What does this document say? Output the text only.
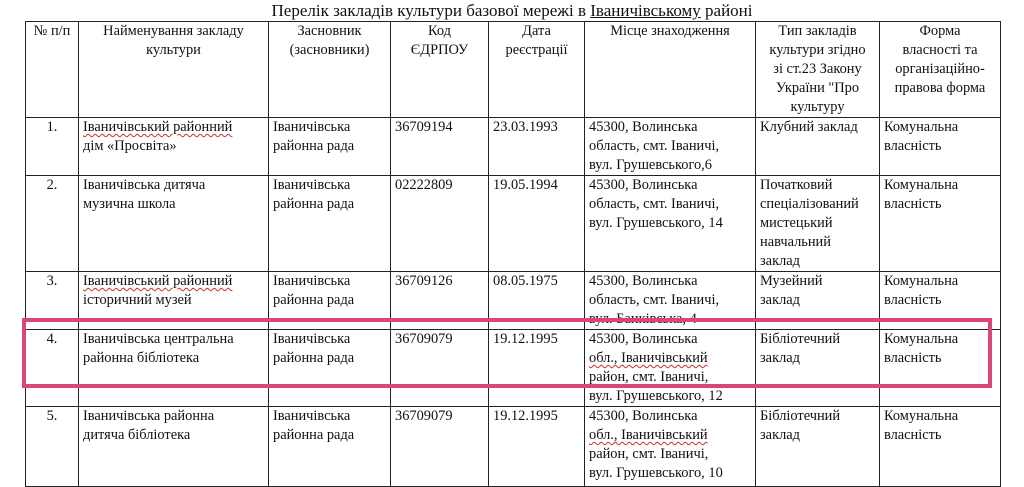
Перелік закладів культури базової мережі в Іваничівському районі
№ п/п	Найменування закладу
культури	Засновник
(засновники)	Код
ЄДРПОУ	Дата
реєстрації	Місце знаходження	Тип закладів
культури згідно
зі ст.23 Закону
України "Про
культуру	Форма
власності та
організаційно-
правова форма

1.	Іваничівський районний
дім «Просвіта»	Іваничівська
районна рада	36709194	23.03.1993	45300, Волинська
область, смт. Іваничі,
вул. Грушевського,6	Клубний заклад	Комунальна
власність

2.	Іваничівська дитяча
музична школа	Іваничівська
районна рада	02222809	19.05.1994	45300, Волинська
область, смт. Іваничі,
вул. Грушевського, 14	Початковий
спеціалізований
мистецький
навчальний
заклад	Комунальна
власність

3.	Іваничівський районний
історичний музей	Іваничівська
районна рада	36709126	08.05.1975	45300, Волинська
область, смт. Іваничі,
вул. Банківська, 4	Музейний
заклад	Комунальна
власність

4.	Іваничівська центральна
районна бібліотека	Іваничівська
районна рада	36709079	19.12.1995	45300, Волинська
обл., Іваничівський
район, смт. Іваничі,
вул. Грушевського, 12	Бібліотечний
заклад	Комунальна
власність

5.	Іваничівська районна
дитяча бібліотека	Іваничівська
районна рада	36709079	19.12.1995	45300, Волинська
обл., Іваничівський
район, смт. Іваничі,
вул. Грушевського, 10	Бібліотечний
заклад	Комунальна
власність
